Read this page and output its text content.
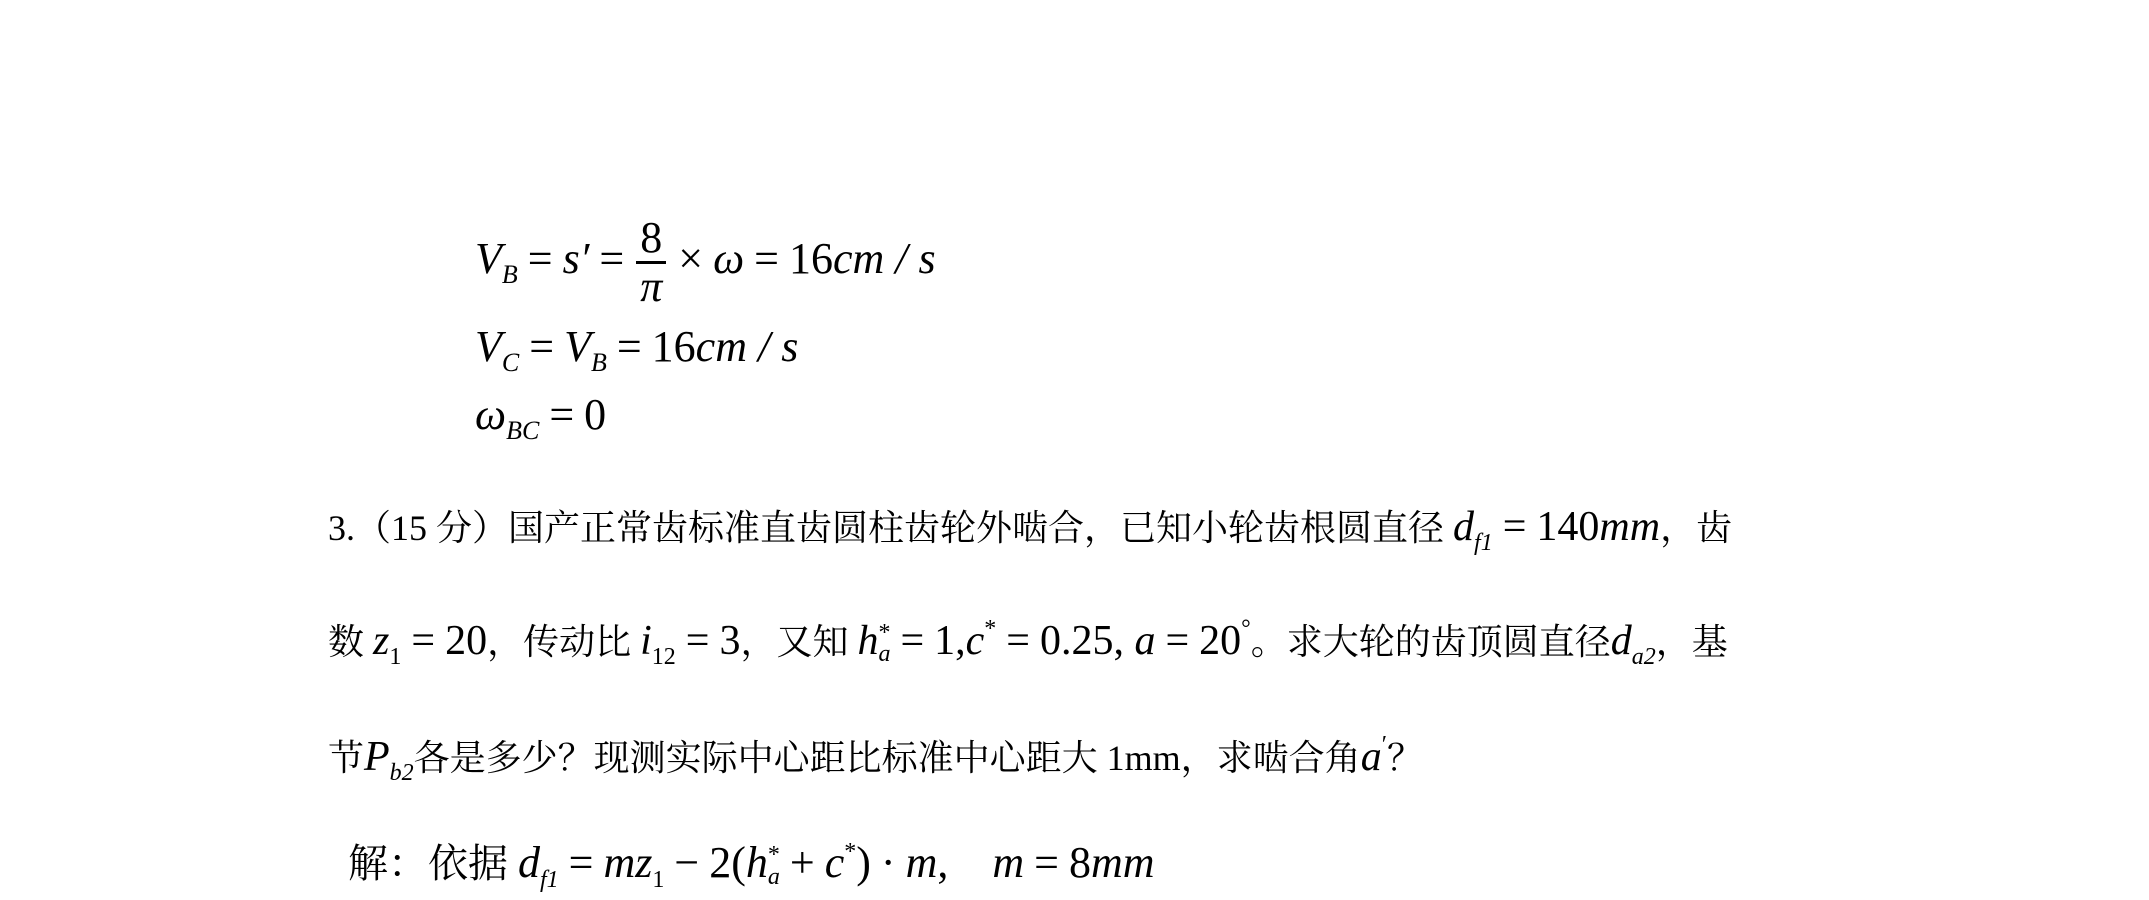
$V_B = s' = \frac{8}{\pi} \times \omega = 16cm / s$
$V_C = V_B = 16cm / s$
$\omega_{BC} = 0$
3.（15 分）国产正常齿标准直齿圆柱齿轮外啮合，已知小轮齿根圆直径 $d_{f1} = 140mm$，齿
数 $z_1 = 20$，传动比 $i_{12} = 3$，又知 h *
a = 1,c* = 0.25, a = 20°。求大轮的齿顶圆直径$d_{a2}$，基
节$P_{b2}$各是多少？现测实际中心距比标准中心距大 1mm，求啮合角a′？
解：依据 $d_{f1} = mz_1 - 2(h$ *
a + c*) · m,    m = 8mm
